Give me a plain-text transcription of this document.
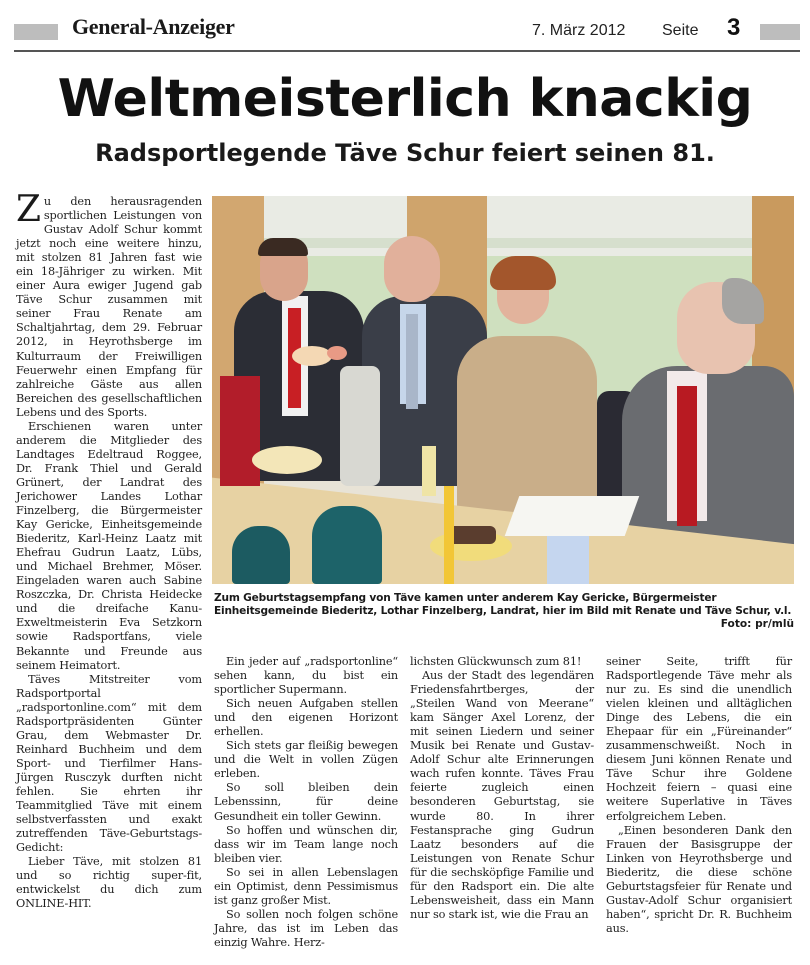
General-Anzeiger	7. März 2012 Seite 3
Weltmeisterlich knackig
Radsportlegende Täve Schur feiert seinen 81.

Zu den herausragenden sportlichen Leistungen von Gustav Adolf Schur kommt jetzt noch eine weitere hinzu, mit stolzen 81 Jahren fast wie ein 18-Jähriger zu wirken. Mit einer Aura ewiger Jugend gab Täve Schur zusammen mit seiner Frau Renate am Schaltjahrtag, dem 29. Februar 2012, in Heyrothsberge im Kulturraum der Freiwilligen Feuerwehr einen Empfang für zahlreiche Gäste aus allen Bereichen des gesellschaftlichen Lebens und des Sports.

Erschienen waren unter anderem die Mitglieder des Landtages Edeltraud Roggee, Dr. Frank Thiel und Gerald Grünert, der Landrat des Jerichower Landes Lothar Finzelberg, die Bürgermeister Kay Gericke, Einheitsgemeinde Biederitz, Karl-Heinz Laatz mit Ehefrau Gudrun Laatz, Lübs, und Michael Brehmer, Möser. Eingeladen waren auch Sabine Roszczka, Dr. Christa Heidecke und die dreifache Kanu-Exweltmeisterin Eva Setzkorn sowie Radsportfans, viele Bekannte und Freunde aus seinem Heimatort.

Täves Mitstreiter vom Radsportportal „radsportonline.com“ mit dem Radsportpräsidenten Günter Grau, dem Webmaster Dr. Reinhard Buchheim und dem Sport- und Tierfilmer Hans-Jürgen Rusczyk durften nicht fehlen. Sie ehrten ihr Teammitglied Täve mit einem selbstverfassten und exakt zutreffenden Täve-Geburtstags-Gedicht:

Lieber Täve, mit stolzen 81 und so richtig super-fit, entwickelst du dich zum ONLINE-HIT.

Zum Geburtstagsempfang von Täve kamen unter anderem Kay Gericke, Bürgermeister Einheitsgemeinde Biederitz, Lothar Finzelberg, Landrat, hier im Bild mit Renate und Täve Schur, v.l.
Foto: pr/mlü

Ein jeder auf „radsportonline“ sehen kann, du bist ein sportlicher Supermann.

Sich neuen Aufgaben stellen und den eigenen Horizont erhellen.

Sich stets gar fleißig bewegen und die Welt in vollen Zügen erleben.

So soll bleiben dein Lebenssinn, für deine Gesundheit ein toller Gewinn.

So hoffen und wünschen dir, dass wir im Team lange noch bleiben vier.

So sei in allen Lebenslagen ein Optimist, denn Pessimismus ist ganz großer Mist.

So sollen noch folgen schöne Jahre, das ist im Leben das einzig Wahre. Herz-

lichsten Glückwunsch zum 81!

Aus der Stadt des legendären Friedensfahrtberges, der „Steilen Wand von Meerane“ kam Sänger Axel Lorenz, der mit seinen Liedern und seiner Musik bei Renate und Gustav-Adolf Schur alte Erinnerungen wach rufen konnte. Täves Frau feierte zugleich einen besonderen Geburtstag, sie wurde 80. In ihrer Festansprache ging Gudrun Laatz besonders auf die Leistungen von Renate Schur für die sechsköpfige Familie und für den Radsport ein. Die alte Lebensweisheit, dass ein Mann nur so stark ist, wie die Frau an

seiner Seite, trifft für Radsportlegende Täve mehr als nur zu. Es sind die unendlich vielen kleinen und alltäglichen Dinge des Lebens, die ein Ehepaar für ein „Füreinander“ zusammenschweißt. Noch in diesem Juni können Renate und Täve Schur ihre Goldene Hochzeit feiern – quasi eine weitere Superlative in Täves erfolgreichem Leben.

„Einen besonderen Dank den Frauen der Basisgruppe der Linken von Heyrothsberge und Biederitz, die diese schöne Geburtstagsfeier für Renate und Gustav-Adolf Schur organisiert haben“, spricht Dr. R. Buchheim aus.
